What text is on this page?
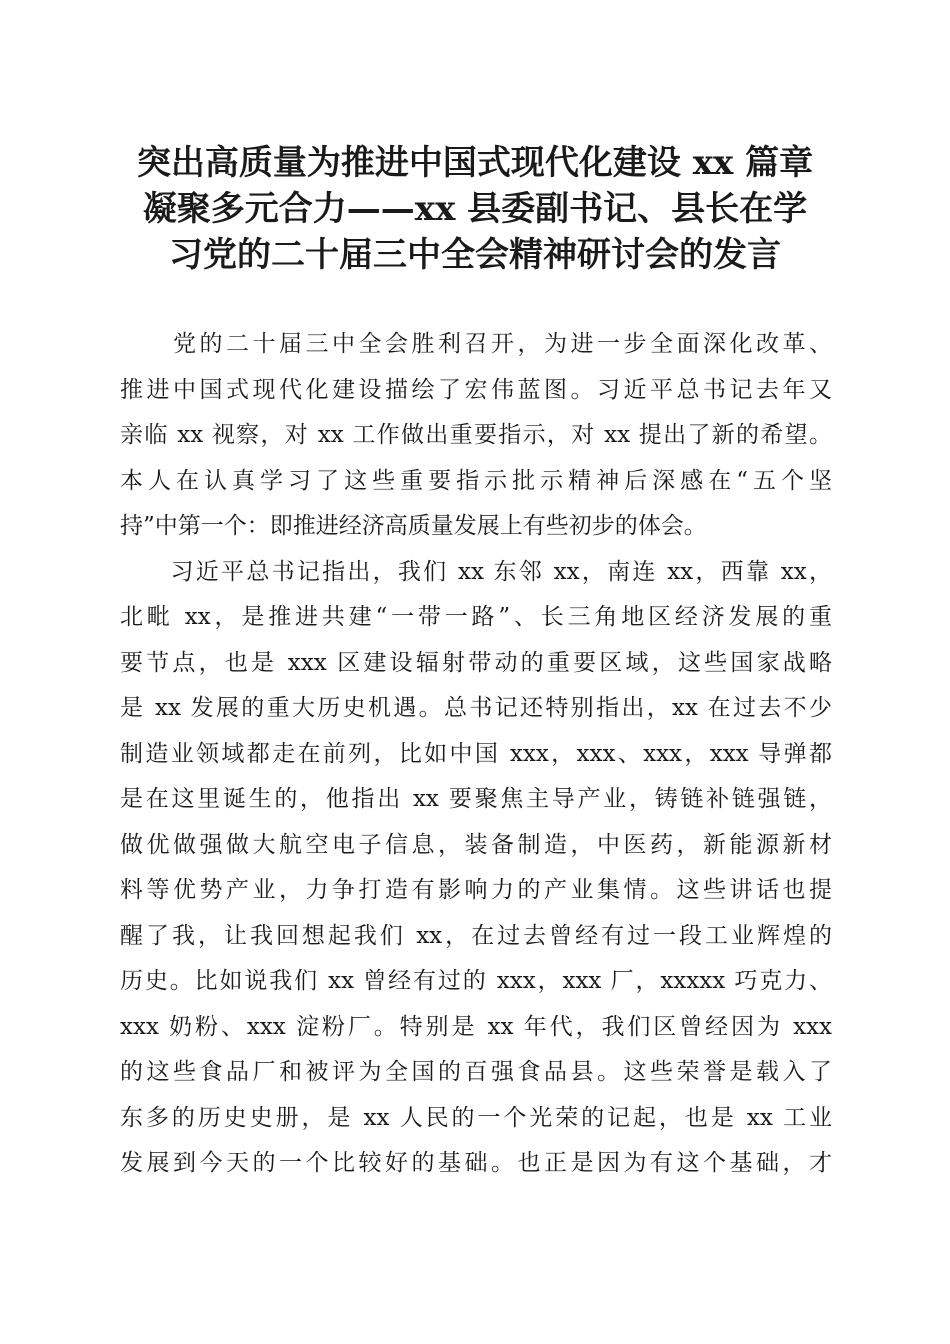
突出高质量为推进中国式现代化建设 xx 篇章
凝聚多元合力——xx 县委副书记、县长在学
习党的二十届三中全会精神研讨会的发言
　　党的二十届三中全会胜利召开，为进一步全面深化改革、
推进中国式现代化建设描绘了宏伟蓝图。习近平总书记去年又
亲临 xx 视察，对 xx 工作做出重要指示，对 xx 提出了新的希望。
本人在认真学习了这些重要指示批示精神后深感在“五个坚
持”中第一个：即推进经济高质量发展上有些初步的体会。
　　习近平总书记指出，我们 xx 东邻 xx，南连 xx，西靠 xx，
北毗 xx，是推进共建“一带一路”、长三角地区经济发展的重
要节点，也是 xxx 区建设辐射带动的重要区域，这些国家战略
是 xx 发展的重大历史机遇。总书记还特别指出，xx 在过去不少
制造业领域都走在前列，比如中国 xxx，xxx、xxx，xxx 导弹都
是在这里诞生的，他指出 xx 要聚焦主导产业，铸链补链强链，
做优做强做大航空电子信息，装备制造，中医药，新能源新材
料等优势产业，力争打造有影响力的产业集情。这些讲话也提
醒了我，让我回想起我们 xx，在过去曾经有过一段工业辉煌的
历史。比如说我们 xx 曾经有过的 xxx，xxx 厂，xxxxx 巧克力、
xxx 奶粉、xxx 淀粉厂。特别是 xx 年代，我们区曾经因为 xxx
的这些食品厂和被评为全国的百强食品县。这些荣誉是载入了
东多的历史史册，是 xx 人民的一个光荣的记起，也是 xx 工业
发展到今天的一个比较好的基础。也正是因为有这个基础，才
